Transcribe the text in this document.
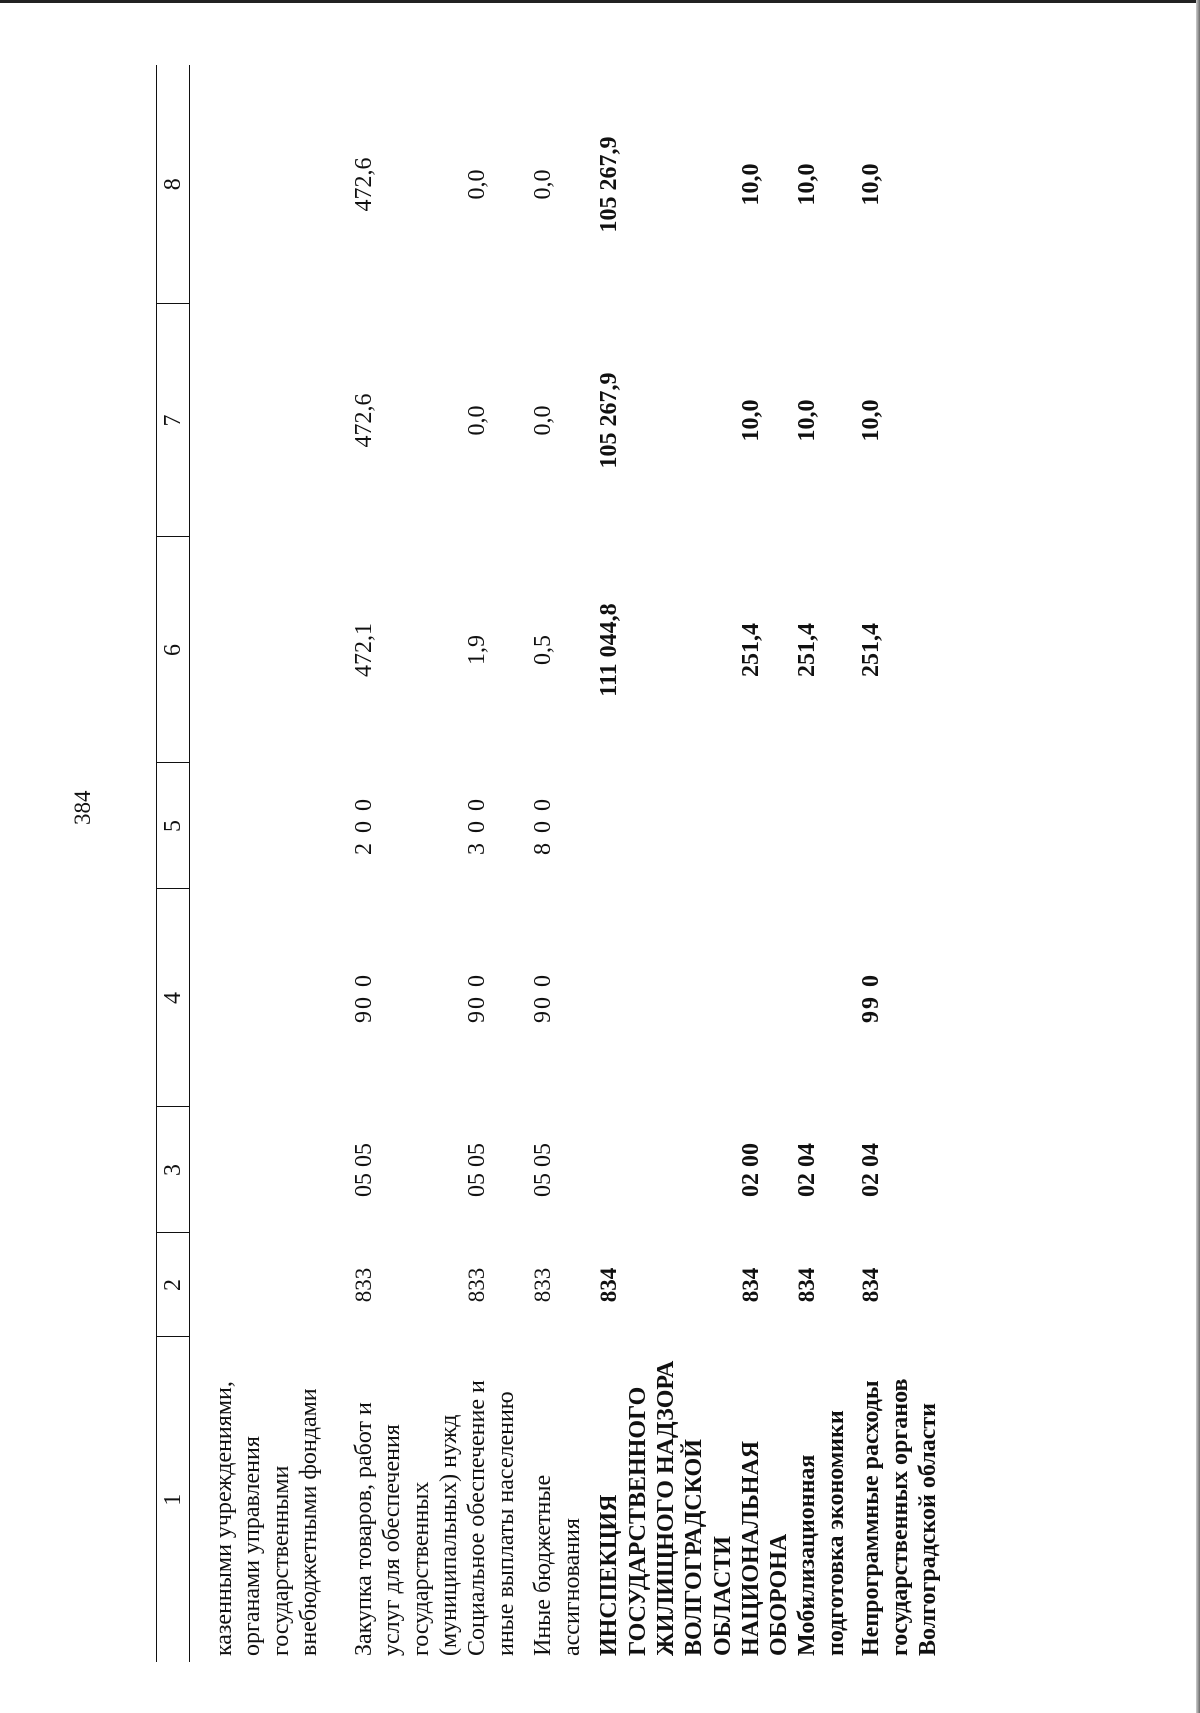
384
1	2	3	4	5	6	7	8
казенными учреждениями, органами управления государственными внебюджетными фондами							
Закупка товаров, работ и услуг для обеспечения государственных (муниципальных) нужд	833	05 05	90 0	2 0 0	472,1	472,6	472,6
Социальное обеспечение и иные выплаты населению	833	05 05	90 0	3 0 0	1,9	0,0	0,0
Иные бюджетные ассигнования	833	05 05	90 0	8 0 0	0,5	0,0	0,0
ИНСПЕКЦИЯ ГОСУДАРСТВЕННОГО ЖИЛИЩНОГО НАДЗОРА ВОЛГОГРАДСКОЙ ОБЛАСТИ	834				111 044,8	105 267,9	105 267,9
НАЦИОНАЛЬНАЯ ОБОРОНА	834	02 00			251,4	10,0	10,0
Мобилизационная подготовка экономики	834	02 04			251,4	10,0	10,0
Непрограммные расходы государственных органов Волгоградской области	834	02 04	99 0		251,4	10,0	10,0
